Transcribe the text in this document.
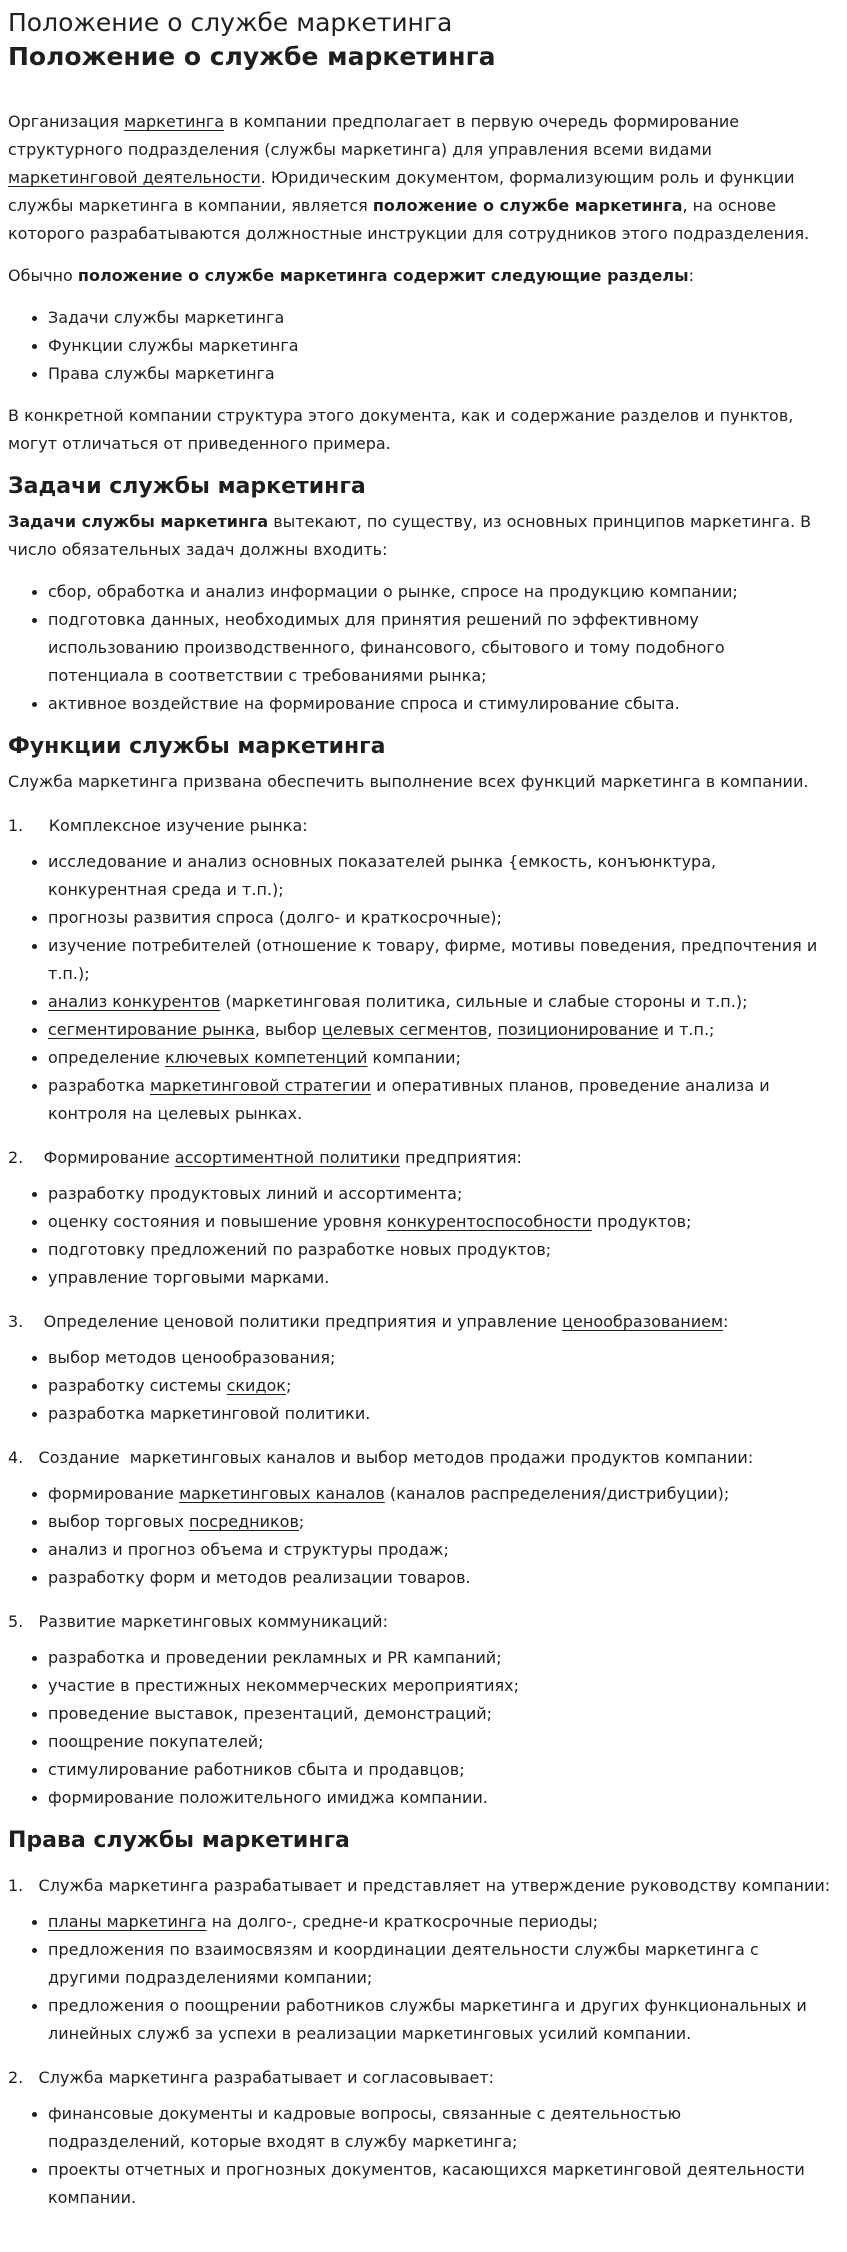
Положение о службе маркетинга
Положение о службе маркетинга

Организация маркетинга в компании предполагает в первую очередь формирование структурного подразделения (службы маркетинга) для управления всеми видами маркетинговой деятельности. Юридическим документом, формализующим роль и функции службы маркетинга в компании, является положение о службе маркетинга, на основе которого разрабатываются должностные инструкции для сотрудников этого подразделения.

Обычно положение о службе маркетинга содержит следующие разделы:

• Задачи службы маркетинга
• Функции службы маркетинга
• Права службы маркетинга

В конкретной компании структура этого документа, как и содержание разделов и пунктов, могут отличаться от приведенного примера.

Задачи службы маркетинга

Задачи службы маркетинга вытекают, по существу, из основных принципов маркетинга. В число обязательных задач должны входить:

• сбор, обработка и анализ информации о рынке, спросе на продукцию компании;
• подготовка данных, необходимых для принятия решений по эффективному использованию производственного, финансового, сбытового и тому подобного потенциала в соответствии с требованиями рынка;
• активное воздействие на формирование спроса и стимулирование сбыта.
Функции службы маркетинга

Служба маркетинга призвана обеспечить выполнение всех функций маркетинга в компании.

1.     Комплексное изучение рынка:
• исследование и анализ основных показателей рынка {емкость, конъюнктура, конкурентная среда и т.п.);
• прогнозы развития спроса (долго- и краткосрочные);
• изучение потребителей (отношение к товару, фирме, мотивы поведения, предпочтения и т.п.);
• анализ конкурентов (маркетинговая политика, сильные и слабые стороны и т.п.);
• сегментирование рынка, выбор целевых сегментов, позиционирование и т.п.;
• определение ключевых компетенций компании;
• разработка маркетинговой стратегии и оперативных планов, проведение анализа и контроля на целевых рынках.
2.    Формирование ассортиментной политики предприятия:
• разработку продуктовых линий и ассортимента;
• оценку состояния и повышение уровня конкурентоспособности продуктов;
• подготовку предложений по разработке новых продуктов;
• управление торговыми марками.
3.    Определение ценовой политики предприятия и управление ценообразованием:
• выбор методов ценообразования;
• разработку системы скидок;
• разработка маркетинговой политики.
4.   Создание  маркетинговых каналов и выбор методов продажи продуктов компании:
• формирование маркетинговых каналов (каналов распределения/дистрибуции);
• выбор торговых посредников;
• анализ и прогноз объема и структуры продаж;
• разработку форм и методов реализации товаров.
5.   Развитие маркетинговых коммуникаций:
• разработка и проведении рекламных и PR кампаний;
• участие в престижных некоммерческих мероприятиях;
• проведение выставок, презентаций, демонстраций;
• поощрение покупателей;
• стимулирование работников сбыта и продавцов;
• формирование положительного имиджа компании.
Права службы маркетинга
1.   Служба маркетинга разрабатывает и представляет на утверждение руководству компании:
• планы маркетинга на долго-, средне-и краткосрочные периоды;
• предложения по взаимосвязям и координации деятельности службы маркетинга с другими подразделениями компании;
• предложения о поощрении работников службы маркетинга и других функциональных и линейных служб за успехи в реализации маркетинговых усилий компании.
2.   Служба маркетинга разрабатывает и согласовывает:
• финансовые документы и кадровые вопросы, связанные с деятельностью подразделений, которые входят в службу маркетинга;
• проекты отчетных и прогнозных документов, касающихся маркетинговой деятельности компании.
